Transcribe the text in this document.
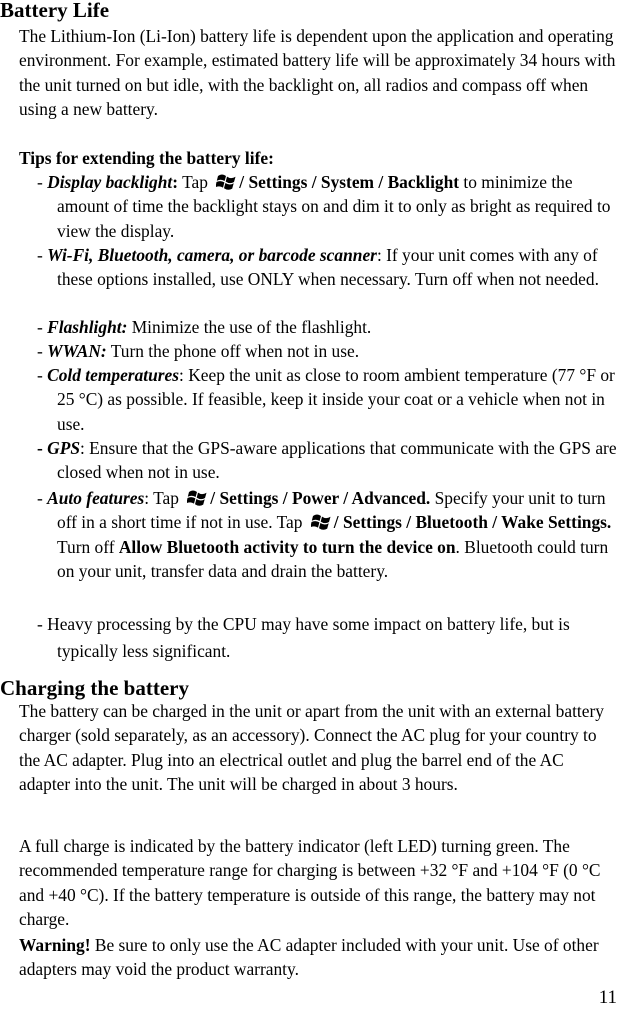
Battery Life

The Lithium-Ion (Li-Ion) battery life is dependent upon the application and operating environment. For example, estimated battery life will be approximately 34 hours with the unit turned on but idle, with the backlight on, all radios and compass off when using a new battery.

Tips for extending the battery life:

- Display backlight: Tap / Settings / System / Backlight to minimize the amount of time the backlight stays on and dim it to only as bright as required to view the display.

- Wi-Fi, Bluetooth, camera, or barcode scanner: If your unit comes with any of these options installed, use ONLY when necessary. Turn off when not needed.

- Flashlight: Minimize the use of the flashlight.

- WWAN: Turn the phone off when not in use.

- Cold temperatures: Keep the unit as close to room ambient temperature (77 °F or 25 °C) as possible. If feasible, keep it inside your coat or a vehicle when not in use.

- GPS: Ensure that the GPS-aware applications that communicate with the GPS are closed when not in use.

- Auto features: Tap / Settings / Power / Advanced. Specify your unit to turn off in a short time if not in use. Tap / Settings / Bluetooth / Wake Settings. Turn off Allow Bluetooth activity to turn the device on. Bluetooth could turn on your unit, transfer data and drain the battery.

- Heavy processing by the CPU may have some impact on battery life, but is typically less significant.

Charging the battery

The battery can be charged in the unit or apart from the unit with an external battery charger (sold separately, as an accessory). Connect the AC plug for your country to the AC adapter. Plug into an electrical outlet and plug the barrel end of the AC adapter into the unit. The unit will be charged in about 3 hours.

A full charge is indicated by the battery indicator (left LED) turning green. The recommended temperature range for charging is between +32 °F and +104 °F (0 °C and +40 °C). If the battery temperature is outside of this range, the battery may not charge.

Warning! Be sure to only use the AC adapter included with your unit. Use of other adapters may void the product warranty.

11
